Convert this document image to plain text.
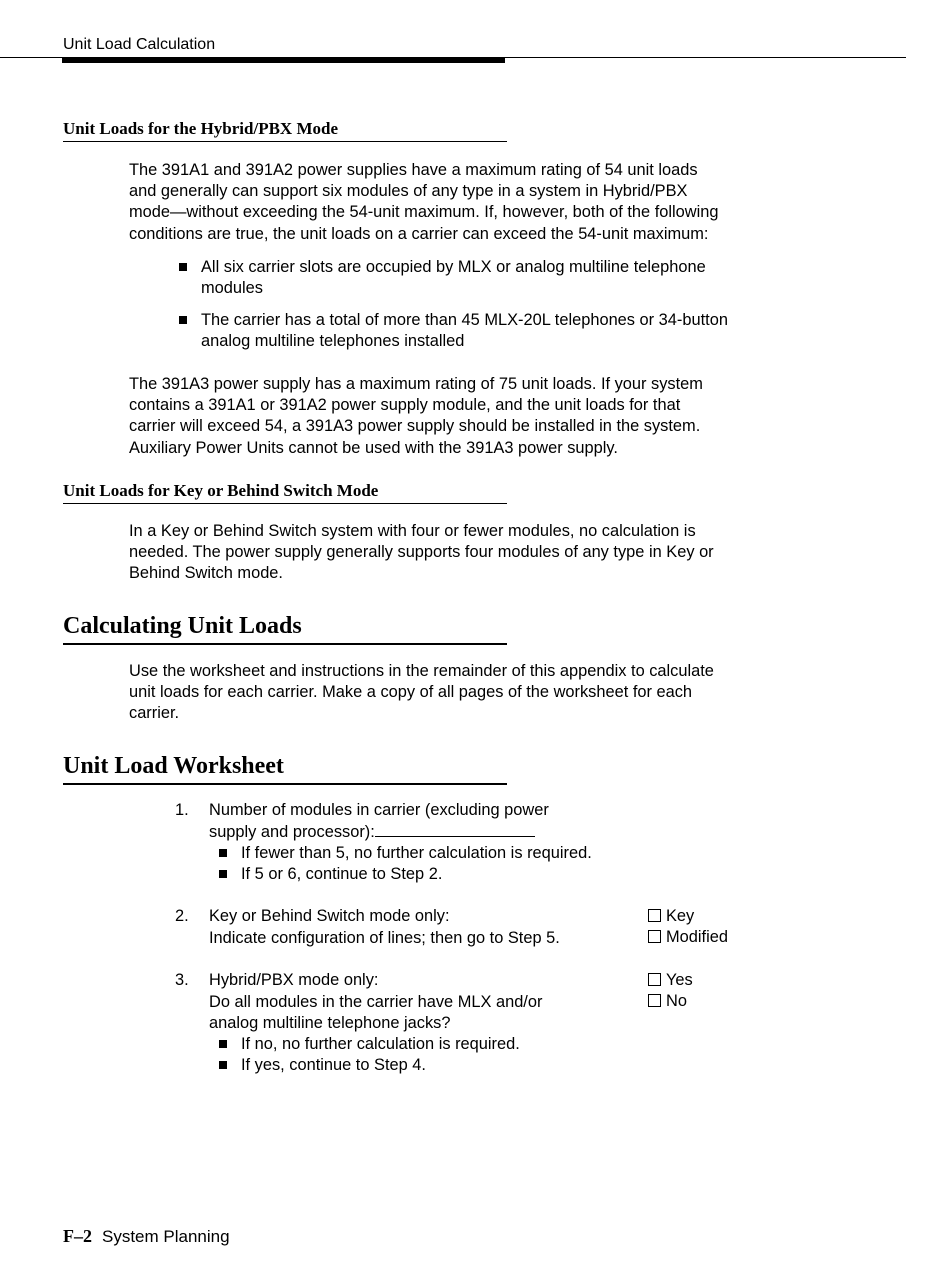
Unit Load Calculation
Unit Loads for the Hybrid/PBX Mode
The 391A1 and 391A2 power supplies have a maximum rating of 54 unit loads
and generally can support six modules of any type in a system in Hybrid/PBX
mode—without exceeding the 54-unit maximum. If, however, both of the following
conditions are true, the unit loads on a carrier can exceed the 54-unit maximum:
All six carrier slots are occupied by MLX or analog multiline telephone
modules
The carrier has a total of more than 45 MLX-20L telephones or 34-button
analog multiline telephones installed
The 391A3 power supply has a maximum rating of 75 unit loads. If your system
contains a 391A1 or 391A2 power supply module, and the unit loads for that
carrier will exceed 54, a 391A3 power supply should be installed in the system.
Auxiliary Power Units cannot be used with the 391A3 power supply.
Unit Loads for Key or Behind Switch Mode
In a Key or Behind Switch system with four or fewer modules, no calculation is
needed. The power supply generally supports four modules of any type in Key or
Behind Switch mode.
Calculating Unit Loads
Use the worksheet and instructions in the remainder of this appendix to calculate
unit loads for each carrier. Make a copy of all pages of the worksheet for each
carrier.
Unit Load Worksheet
1. Number of modules in carrier (excluding power
supply and processor):
If fewer than 5, no further calculation is required.
If 5 or 6, continue to Step 2.
2. Key or Behind Switch mode only:
Indicate configuration of lines; then go to Step 5.
Key
Modified
3. Hybrid/PBX mode only:
Do all modules in the carrier have MLX and/or
analog multiline telephone jacks?
Yes
No
If no, no further calculation is required.
If yes, continue to Step 4.
F–2 System Planning
